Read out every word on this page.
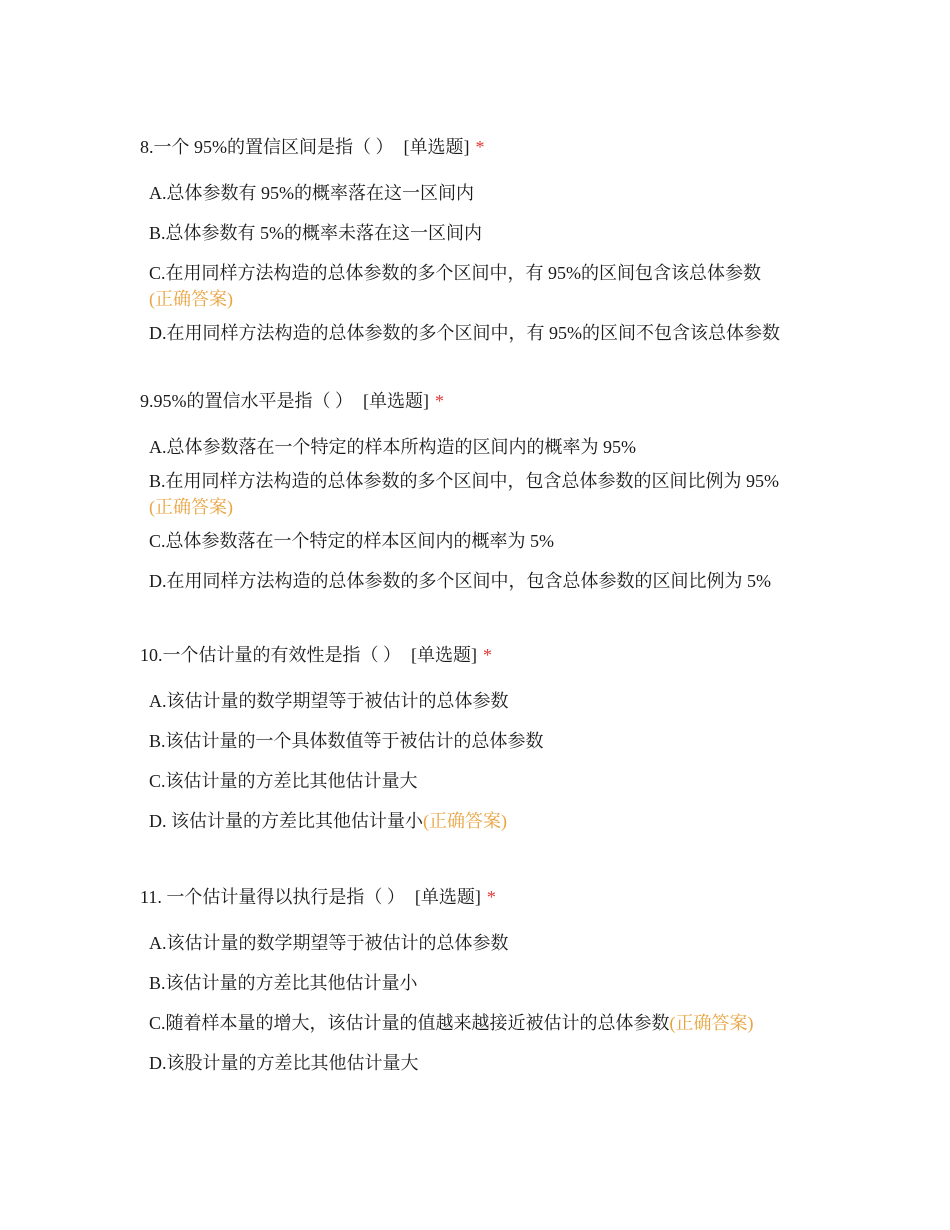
8.一个 95%的置信区间是指（ ） [单选题] *
A.总体参数有 95%的概率落在这一区间内
B.总体参数有 5%的概率未落在这一区间内
C.在用同样方法构造的总体参数的多个区间中，有 95%的区间包含该总体参数
(正确答案)
D.在用同样方法构造的总体参数的多个区间中，有 95%的区间不包含该总体参数
9.95%的置信水平是指（ ） [单选题] *
A.总体参数落在一个特定的样本所构造的区间内的概率为 95%
B.在用同样方法构造的总体参数的多个区间中，包含总体参数的区间比例为 95%
(正确答案)
C.总体参数落在一个特定的样本区间内的概率为 5%
D.在用同样方法构造的总体参数的多个区间中，包含总体参数的区间比例为 5%
10.一个估计量的有效性是指（ ） [单选题] *
A.该估计量的数学期望等于被估计的总体参数
B.该估计量的一个具体数值等于被估计的总体参数
C.该估计量的方差比其他估计量大
D. 该估计量的方差比其他估计量小(正确答案)
11. 一个估计量得以执行是指（ ） [单选题] *
A.该估计量的数学期望等于被估计的总体参数
B.该估计量的方差比其他估计量小
C.随着样本量的增大，该估计量的值越来越接近被估计的总体参数(正确答案)
D.该股计量的方差比其他估计量大
